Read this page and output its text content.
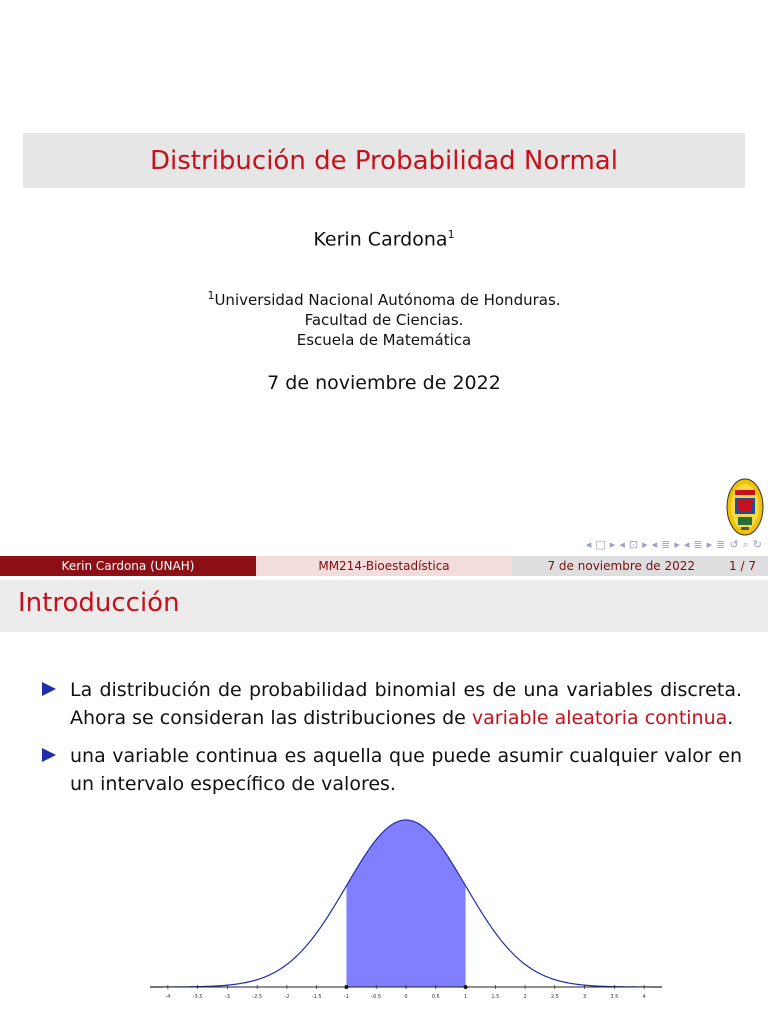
Distribución de Probabilidad Normal
Kerin Cardona$^1$
$^1$Universidad Nacional Autónoma de Honduras.
Facultad de Ciencias.
Escuela de Matemática
7 de noviembre de 2022
◂ □ ▸ ◂ ⊡ ▸ ◂ ≣ ▸ ◂ ≣ ▸ ≣ ↺ ⌕ ↻
Kerin Cardona (UNAH)	MM214-Bioestadística	7 de noviembre de 2022	1 / 7
Introducción
La distribución de probabilidad binomial es de una variables discreta. Ahora se consideran las distribuciones de variable aleatoria continua.
una variable continua es aquella que puede asumir cualquier valor en un intervalo específico de valores.
-4	-3.5	-3	-2.5	-2	-1.5	-1	-0.5	0	0.5	1	1.5	2	2.5	3	3.5	4
